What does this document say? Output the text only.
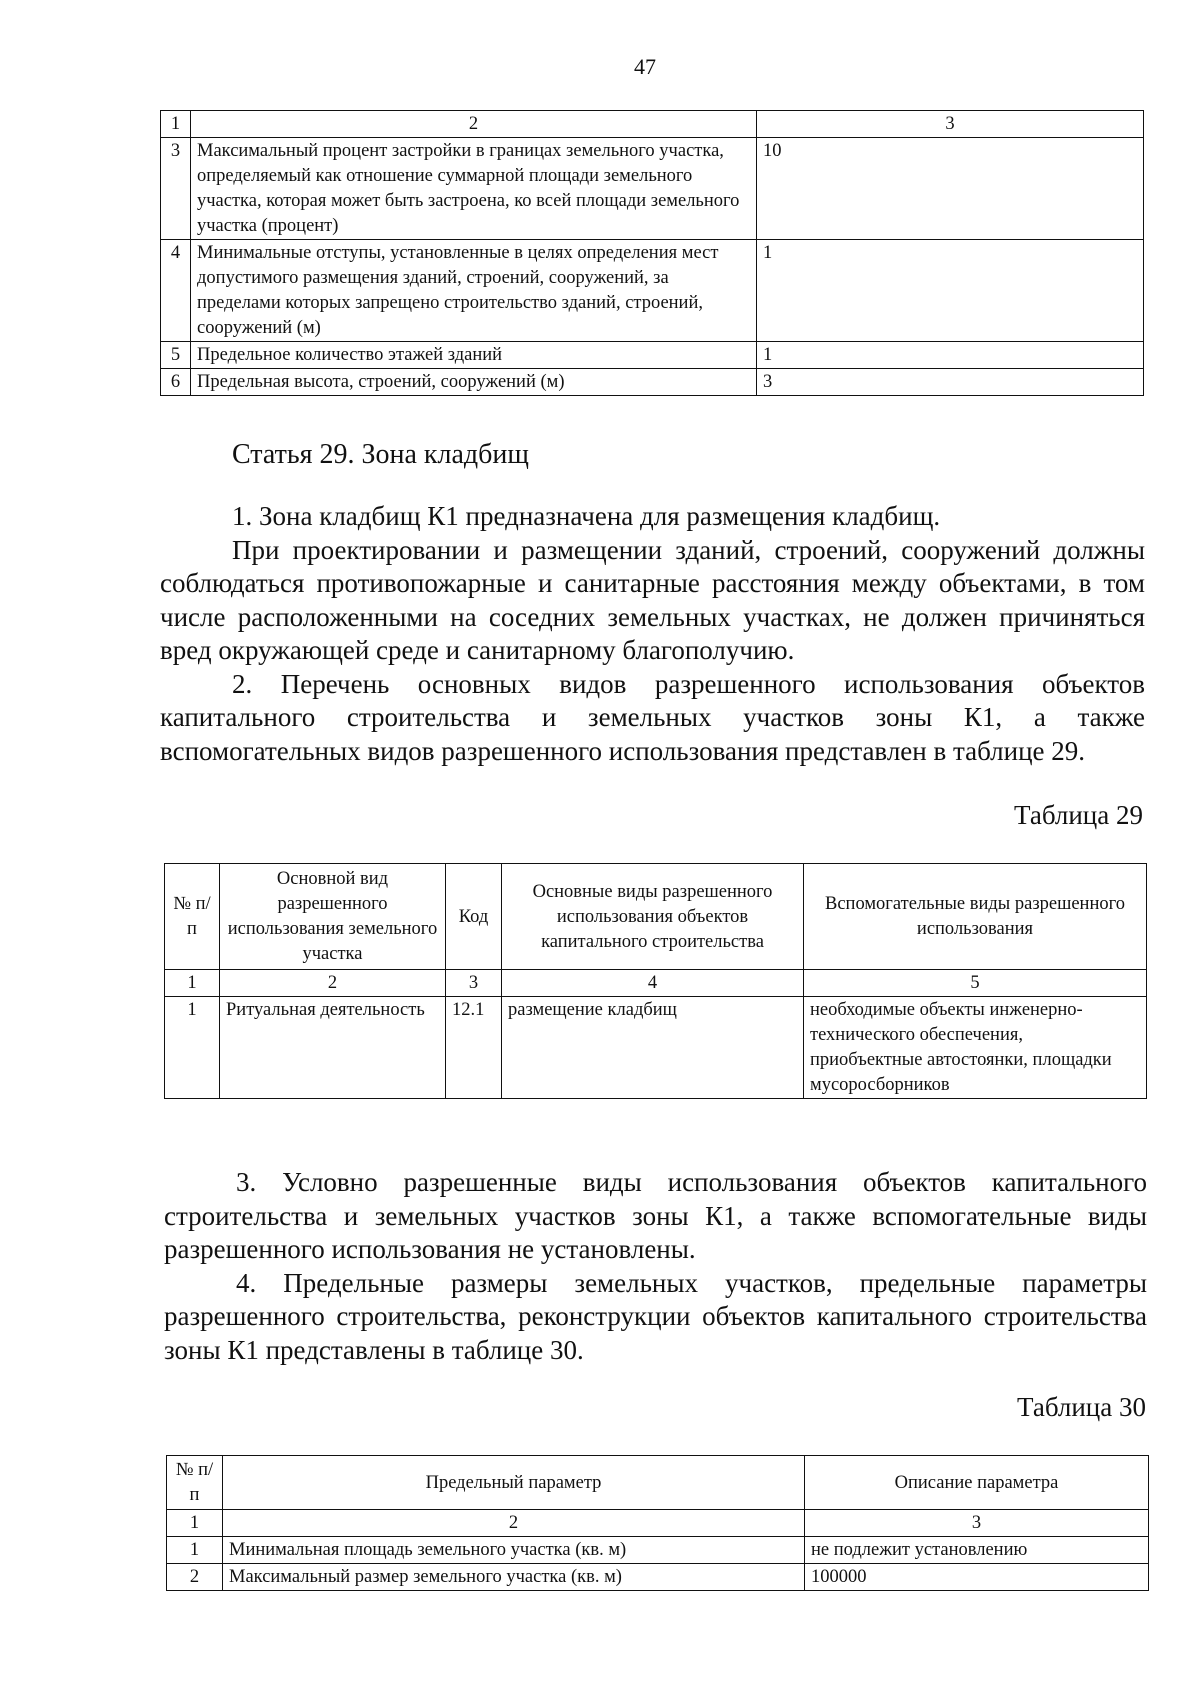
47
1	2	3
3	Максимальный процент застройки в границах земельного участка, определяемый как отношение суммарной площади земельного участка, которая может быть застроена, ко всей площади земельного участка (процент)	10
4	Минимальные отступы, установленные в целях определения мест допустимого размещения зданий, строений, сооружений, за пределами которых запрещено строительство зданий, строений, сооружений (м)	1
5	Предельное количество этажей зданий	1
6	Предельная высота, строений, сооружений (м)	3
Статья 29. Зона кладбищ

1. Зона кладбищ К1 предназначена для размещения кладбищ.

При проектировании и размещении зданий, строений, сооружений должны соблюдаться противопожарные и санитарные расстояния между объектами, в том числе расположенными на соседних земельных участках, не должен причиняться вред окружающей среде и санитарному благополучию.

2. Перечень основных видов разрешенного использования объектов капитального строительства и земельных участков зоны К1, а также вспомогательных видов разрешенного использования представлен в таблице 29.

Таблица 29
№ п/п	Основной вид разрешенного использования земельного участка	Код	Основные виды разрешенного использования объектов капитального строительства	Вспомогательные виды разрешенного использования
1	2	3	4	5
1	Ритуальная деятельность	12.1	размещение кладбищ	необходимые объекты инженерно-технического обеспечения, приобъектные автостоянки, площадки мусоросборников

3. Условно разрешенные виды использования объектов капитального строительства и земельных участков зоны К1, а также вспомогательные виды разрешенного использования не установлены.

4. Предельные размеры земельных участков, предельные параметры разрешенного строительства, реконструкции объектов капитального строительства зоны К1 представлены в таблице 30.

Таблица 30
№ п/п	Предельный параметр	Описание параметра
1	2	3
1	Минимальная площадь земельного участка (кв. м)	не подлежит установлению
2	Максимальный размер земельного участка (кв. м)	100000
